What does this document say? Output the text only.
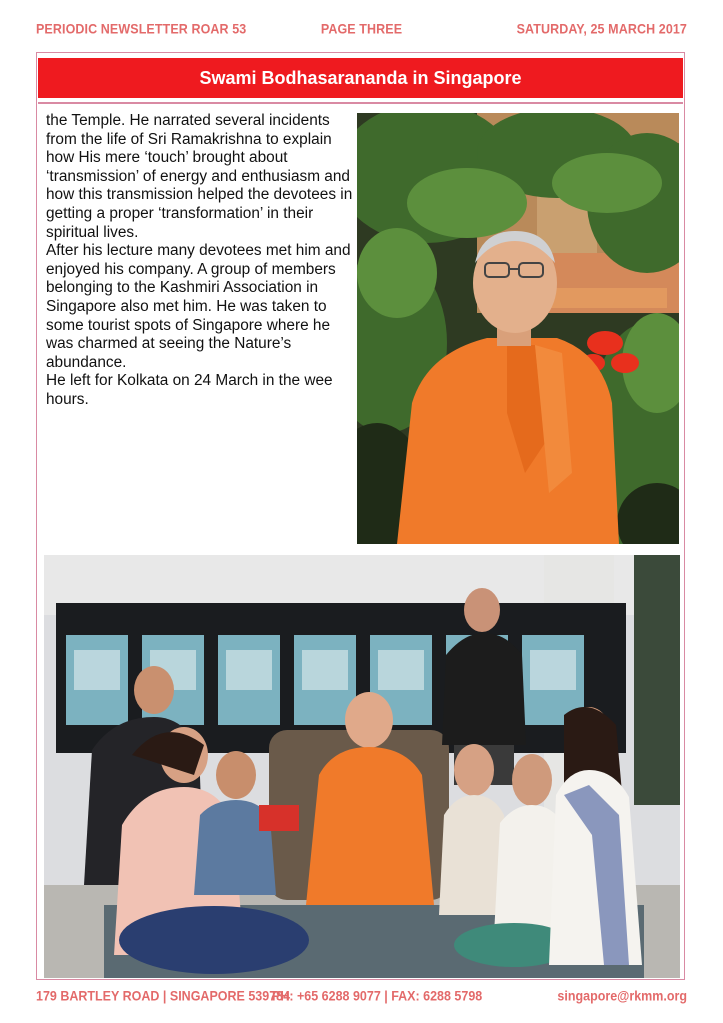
PERIODIC NEWSLETTER ROAR 53	PAGE THREE	SATURDAY, 25 MARCH 2017
Swami Bodhasarananda in Singapore

the Temple. He narrated several incidents from the life of Sri Ramakrishna to explain how His mere ‘touch’ brought about ‘transmission’ of energy and enthusiasm and how this transmission helped the devotees in getting a proper ‘transformation’ in their spiritual lives.

After his lecture many devotees met him and enjoyed his company. A group of members belonging to the Kashmiri Association in Singapore also met him. He was taken to some tourist spots of Singapore where he was charmed at seeing the Nature’s abundance.

He left for Kolkata on 24 March in the wee hours.

179 BARTLEY ROAD | SINGAPORE 539784
PH: +65 6288 9077 | FAX: 6288 5798	singapore@rkmm.org
